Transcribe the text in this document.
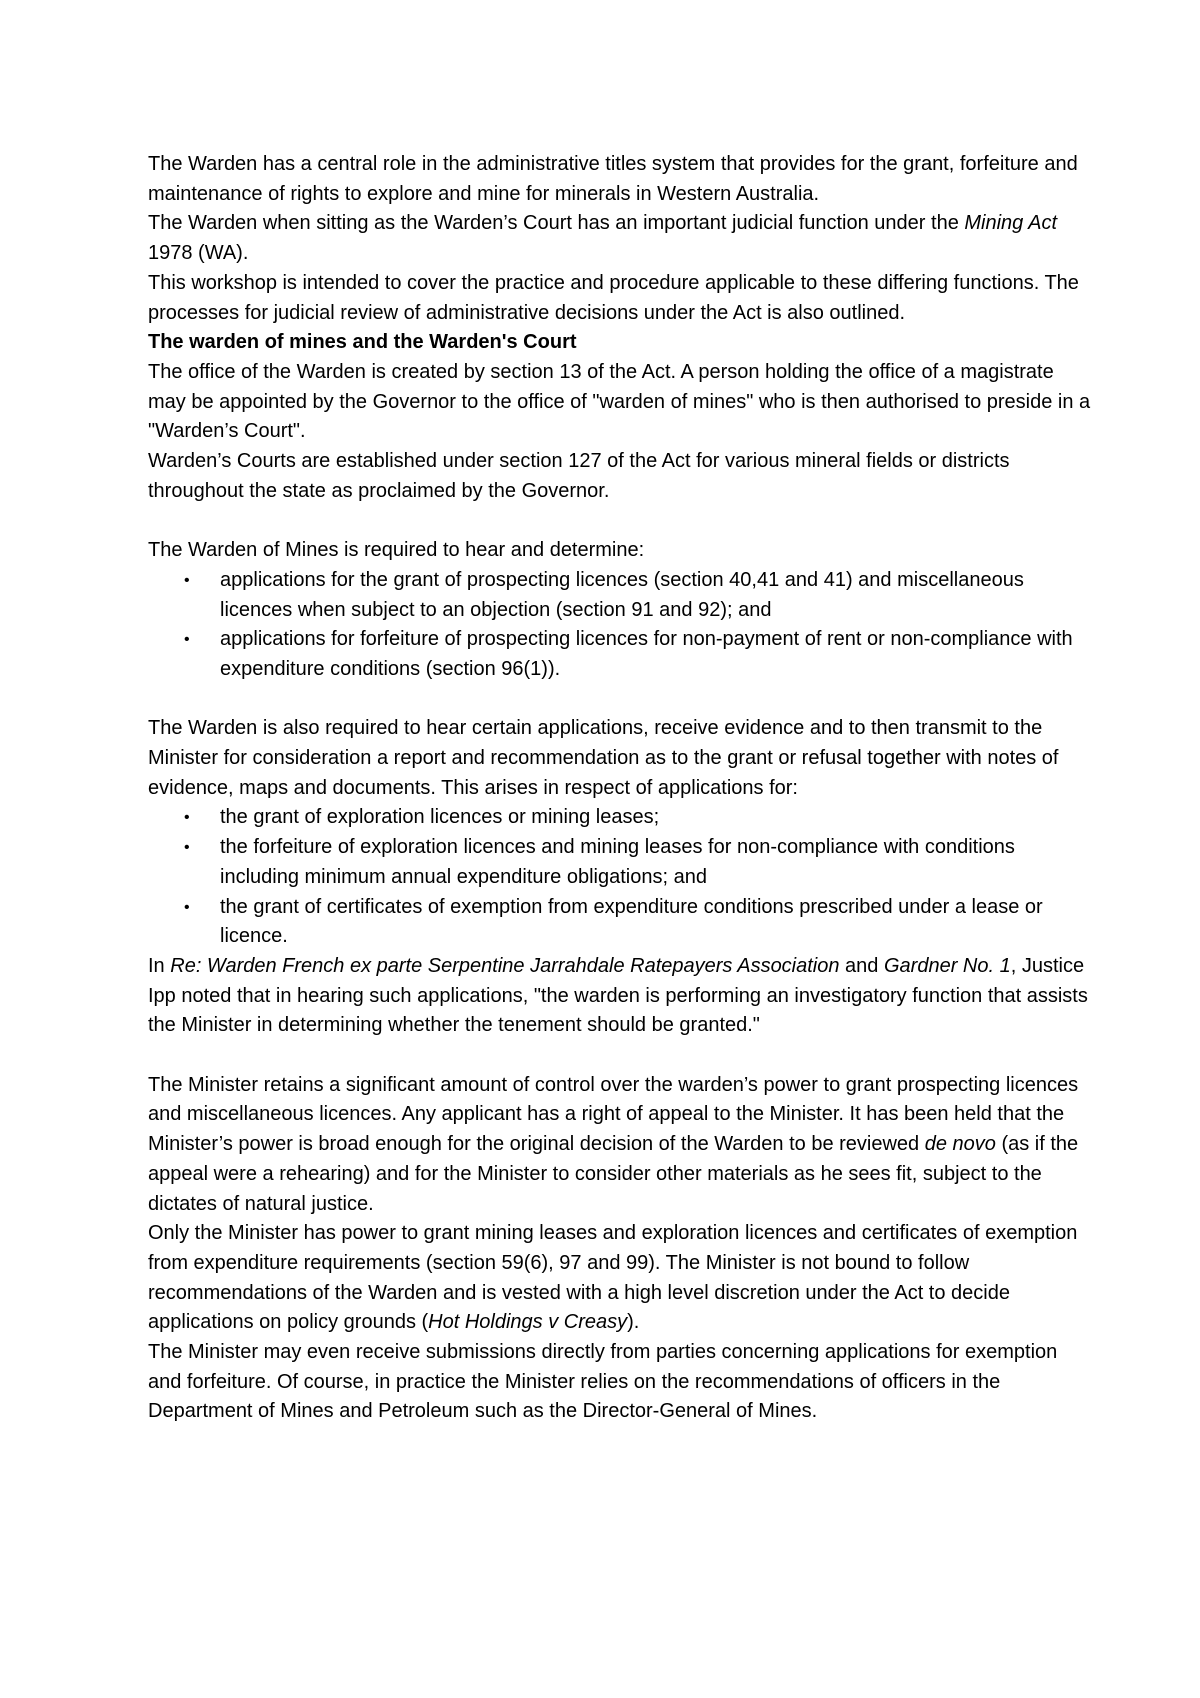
The Warden has a central role in the administrative titles system that provides for the grant, forfeiture and maintenance of rights to explore and mine for minerals in Western Australia.

The Warden when sitting as the Warden’s Court has an important judicial function under the Mining Act 1978 (WA).

This workshop is intended to cover the practice and procedure applicable to these differing functions. The processes for judicial review of administrative decisions under the Act is also outlined.

The warden of mines and the Warden's Court

The office of the Warden is created by section 13 of the Act. A person holding the office of a magistrate may be appointed by the Governor to the office of "warden of mines" who is then authorised to preside in a "Warden’s Court".

Warden’s Courts are established under section 127 of the Act for various mineral fields or districts throughout the state as proclaimed by the Governor.

The Warden of Mines is required to hear and determine:

• applications for the grant of prospecting licences (section 40,41 and 41) and miscellaneous licences when subject to an objection (section 91 and 92); and
• applications for forfeiture of prospecting licences for non-payment of rent or non-compliance with expenditure conditions (section 96(1)).

The Warden is also required to hear certain applications, receive evidence and to then transmit to the Minister for consideration a report and recommendation as to the grant or refusal together with notes of evidence, maps and documents. This arises in respect of applications for:

• the grant of exploration licences or mining leases;
• the forfeiture of exploration licences and mining leases for non-compliance with conditions including minimum annual expenditure obligations; and
• the grant of certificates of exemption from expenditure conditions prescribed under a lease or licence.

In Re: Warden French ex parte Serpentine Jarrahdale Ratepayers Association and Gardner No. 1, Justice Ipp noted that in hearing such applications, "the warden is performing an investigatory function that assists the Minister in determining whether the tenement should be granted."

The Minister retains a significant amount of control over the warden’s power to grant prospecting licences and miscellaneous licences. Any applicant has a right of appeal to the Minister. It has been held that the Minister’s power is broad enough for the original decision of the Warden to be reviewed de novo (as if the appeal were a rehearing) and for the Minister to consider other materials as he sees fit, subject to the dictates of natural justice.

Only the Minister has power to grant mining leases and exploration licences and certificates of exemption from expenditure requirements (section 59(6), 97 and 99). The Minister is not bound to follow recommendations of the Warden and is vested with a high level discretion under the Act to decide applications on policy grounds (Hot Holdings v Creasy).

The Minister may even receive submissions directly from parties concerning applications for exemption and forfeiture. Of course, in practice the Minister relies on the recommendations of officers in the Department of Mines and Petroleum such as the Director-General of Mines.
